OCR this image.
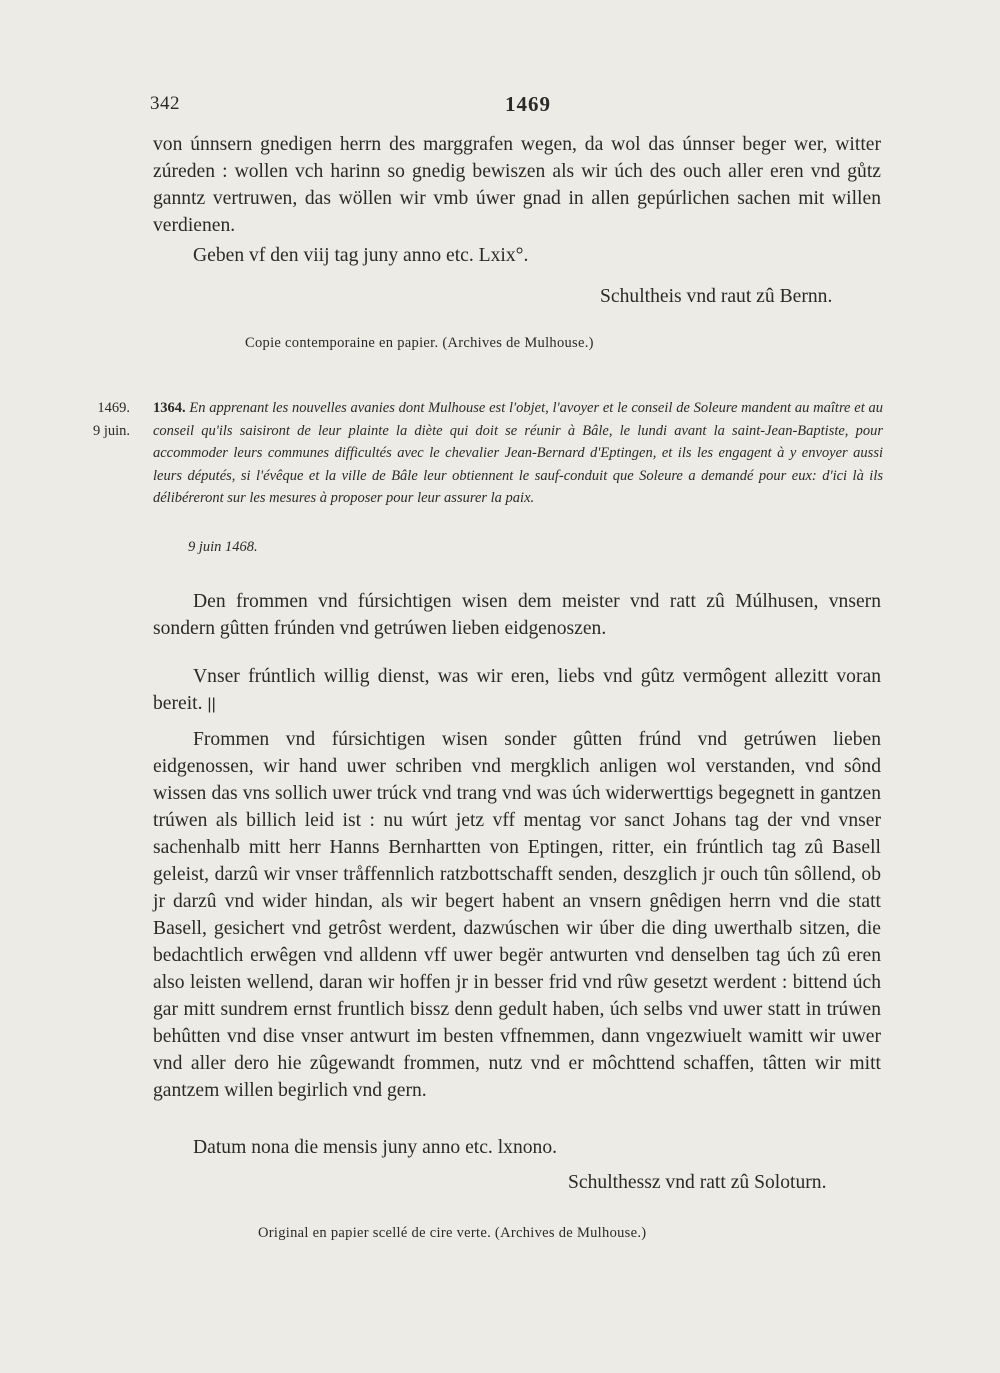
342	1469

von únnsern gnedigen herrn des marggrafen wegen, da wol das únnser beger wer, witter zúreden : wollen vch harinn so gnedig bewiszen als wir úch des ouch aller eren vnd gůtz ganntz vertruwen, das wöllen wir vmb úwer gnad in allen gepúrlichen sachen mit willen verdienen.

Geben vf den viij tag juny anno etc. Lxix°.

Schultheis vnd raut zû Bernn.
Copie contemporaine en papier. (Archives de Mulhouse.)
1469.
9 juin.

1364. En apprenant les nouvelles avanies dont Mulhouse est l'objet, l'avoyer et le conseil de Soleure mandent au maître et au conseil qu'ils saisiront de leur plainte la diète qui doit se réunir à Bâle, le lundi avant la saint-Jean-Baptiste, pour accommoder leurs communes difficultés avec le chevalier Jean-Bernard d'Eptingen, et ils les engagent à y envoyer aussi leurs députés, si l'évêque et la ville de Bâle leur obtiennent le sauf-conduit que Soleure a demandé pour eux: d'ici là ils délibéreront sur les mesures à proposer pour leur assurer la paix.

9 juin 1468.

Den frommen vnd fúrsichtigen wisen dem meister vnd ratt zû Múlhusen, vnsern sondern gûtten frúnden vnd getrúwen lieben eidgenoszen.

Vnser frúntlich willig dienst, was wir eren, liebs vnd gûtz vermôgent allezitt voran bereit. ||

Frommen vnd fúrsichtigen wisen sonder gûtten frúnd vnd getrúwen lieben eidgenossen, wir hand uwer schriben vnd mergklich anligen wol verstanden, vnd sônd wissen das vns sollich uwer trúck vnd trang vnd was úch widerwerttigs begegnett in gantzen trúwen als billich leid ist : nu wúrt jetz vff mentag vor sanct Johans tag der vnd vnser sachenhalb mitt herr Hanns Bernhartten von Eptingen, ritter, ein frúntlich tag zû Basell geleist, darzû wir vnser tråffennlich ratzbottschafft senden, deszglich jr ouch tûn sôllend, ob jr darzû vnd wider hindan, als wir begert habent an vnsern gnêdigen herrn vnd die statt Basell, gesichert vnd getrôst werdent, dazwúschen wir úber die ding uwerthalb sitzen, die bedachtlich erwêgen vnd alldenn vff uwer begër antwurten vnd denselben tag úch zû eren also leisten wellend, daran wir hoffen jr in besser frid vnd rûw gesetzt werdent : bittend úch gar mitt sundrem ernst fruntlich bissz denn gedult haben, úch selbs vnd uwer statt in trúwen behûtten vnd dise vnser antwurt im besten vffnemmen, dann vngezwiuelt wamitt wir uwer vnd aller dero hie zûgewandt frommen, nutz vnd er môchttend schaffen, tâtten wir mitt gantzem willen begirlich vnd gern.

Datum nona die mensis juny anno etc. lxnono.

Schulthessz vnd ratt zû Soloturn.
Original en papier scellé de cire verte. (Archives de Mulhouse.)
